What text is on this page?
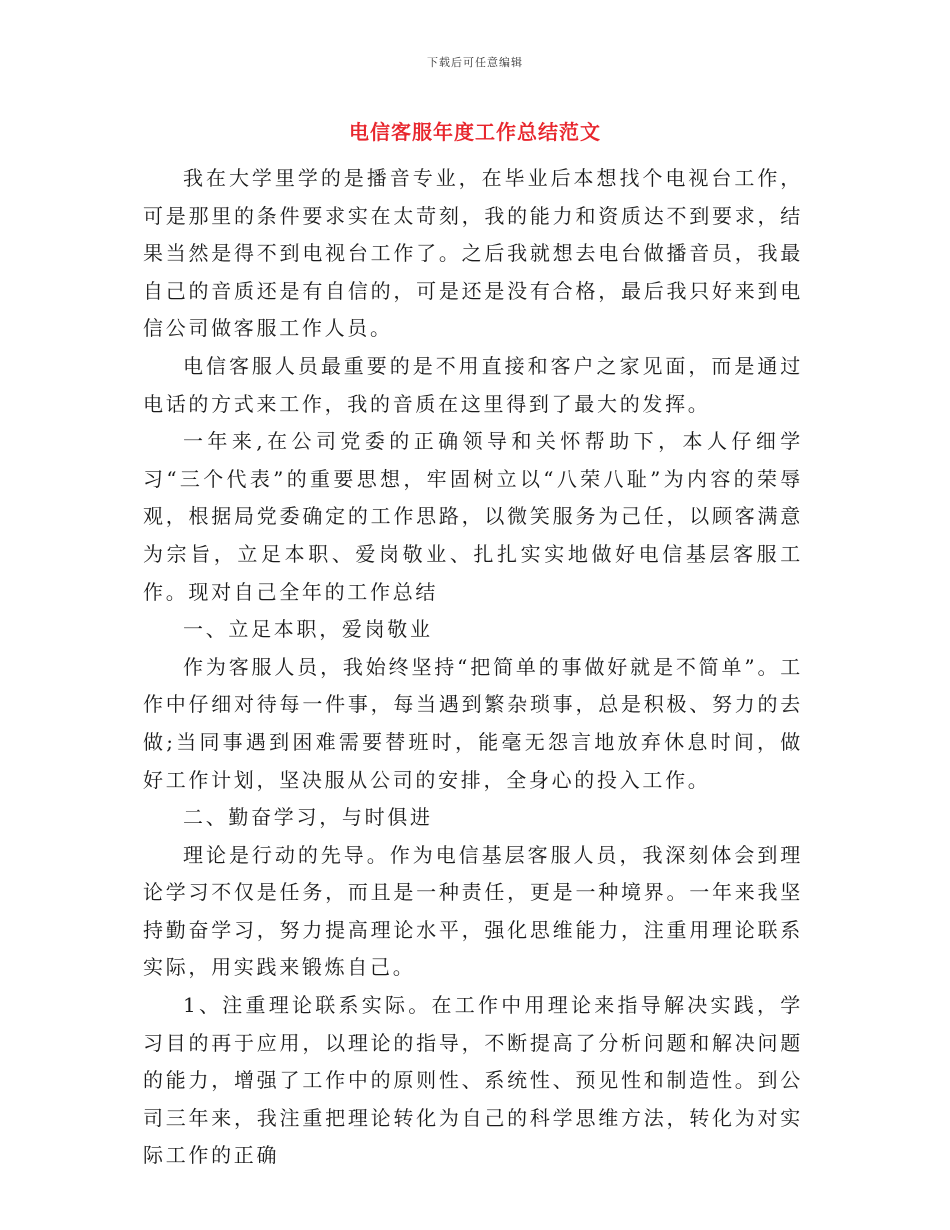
下载后可任意编辑
电信客服年度工作总结范文

我在大学里学的是播音专业，在毕业后本想找个电视台工作，可是那里的条件要求实在太苛刻，我的能力和资质达不到要求，结果当然是得不到电视台工作了。之后我就想去电台做播音员，我最自己的音质还是有自信的，可是还是没有合格，最后我只好来到电信公司做客服工作人员。

电信客服人员最重要的是不用直接和客户之家见面，而是通过电话的方式来工作，我的音质在这里得到了最大的发挥。

一年来,在公司党委的正确领导和关怀帮助下，本人仔细学习“三个代表”的重要思想，牢固树立以“八荣八耻”为内容的荣辱观，根据局党委确定的工作思路，以微笑服务为己任，以顾客满意为宗旨，立足本职、爱岗敬业、扎扎实实地做好电信基层客服工作。现对自己全年的工作总结

一、立足本职，爱岗敬业

作为客服人员，我始终坚持“把简单的事做好就是不简单”。工作中仔细对待每一件事，每当遇到繁杂琐事，总是积极、努力的去做;当同事遇到困难需要替班时，能毫无怨言地放弃休息时间，做好工作计划，坚决服从公司的安排，全身心的投入工作。

二、勤奋学习，与时俱进

理论是行动的先导。作为电信基层客服人员，我深刻体会到理论学习不仅是任务，而且是一种责任，更是一种境界。一年来我坚持勤奋学习，努力提高理论水平，强化思维能力，注重用理论联系实际，用实践来锻炼自己。

1、注重理论联系实际。在工作中用理论来指导解决实践，学习目的再于应用，以理论的指导，不断提高了分析问题和解决问题的能力，增强了工作中的原则性、系统性、预见性和制造性。到公司三年来，我注重把理论转化为自己的科学思维方法，转化为对实际工作的正确
